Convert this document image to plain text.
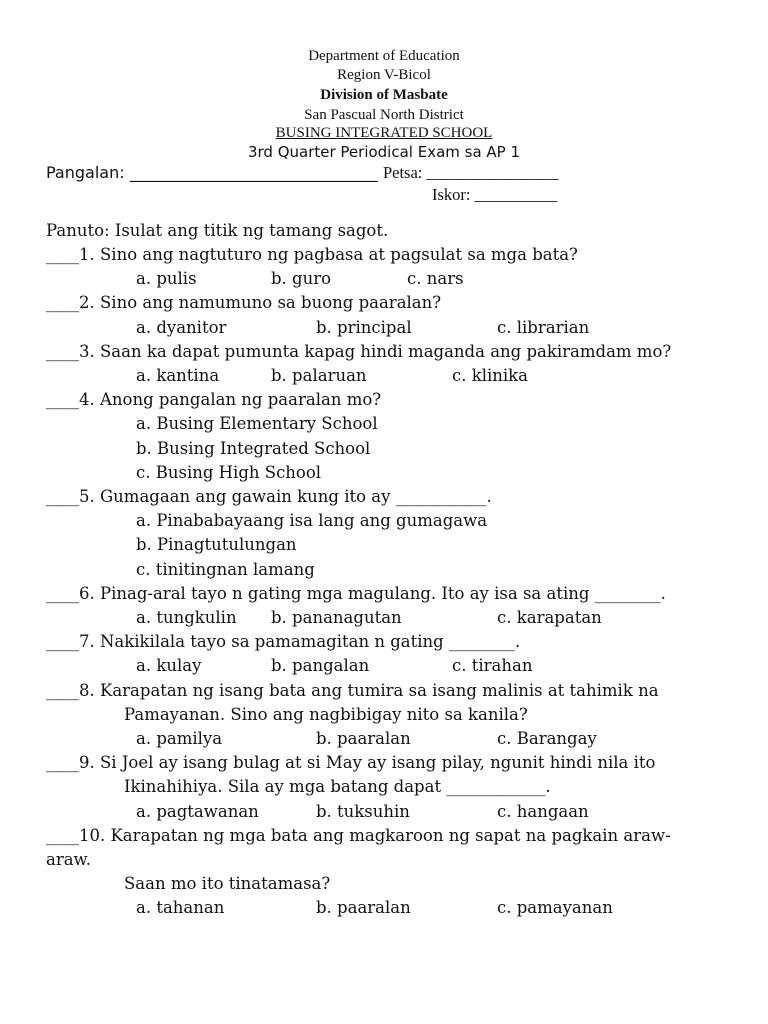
Department of Education
Region V-Bicol
Division of Masbate
San Pascual North District
BUSING INTEGRATED SCHOOL
3rd Quarter Periodical Exam sa AP 1
Pangalan: _______________________________ Petsa: ________________
Iskor: __________
Panuto: Isulat ang titik ng tamang sagot.
____1. Sino ang nagtuturo ng pagbasa at pagsulat sa mga bata?
a. pulis	b. guro	c. nars
____2. Sino ang namumuno sa buong paaralan?
a. dyanitor	b. principal	c. librarian
____3. Saan ka dapat pumunta kapag hindi maganda ang pakiramdam mo?
a. kantina	b. palaruan	c. klinika
____4. Anong pangalan ng paaralan mo?
a. Busing Elementary School
b. Busing Integrated School
c. Busing High School
____5. Gumagaan ang gawain kung ito ay ___________.
a. Pinababayaang isa lang ang gumagawa
b. Pinagtutulungan
c. tinitingnan lamang
____6. Pinag-aral tayo n gating mga magulang. Ito ay isa sa ating ________.
a. tungkulin b. pananagutan	c. karapatan
____7. Nakikilala tayo sa pamamagitan n gating ________.
a. kulay	b. pangalan	c. tirahan
____8. Karapatan ng isang bata ang tumira sa isang malinis at tahimik na
Pamayanan. Sino ang nagbibigay nito sa kanila?
a. pamilya	b. paaralan	c. Barangay
____9. Si Joel ay isang bulag at si May ay isang pilay, ngunit hindi nila ito
Ikinahihiya. Sila ay mga batang dapat ____________.
a. pagtawanan	b. tuksuhin	c. hangaan
____10. Karapatan ng mga bata ang magkaroon ng sapat na pagkain araw-
araw.
Saan mo ito tinatamasa?
a. tahanan	b. paaralan	c. pamayanan
